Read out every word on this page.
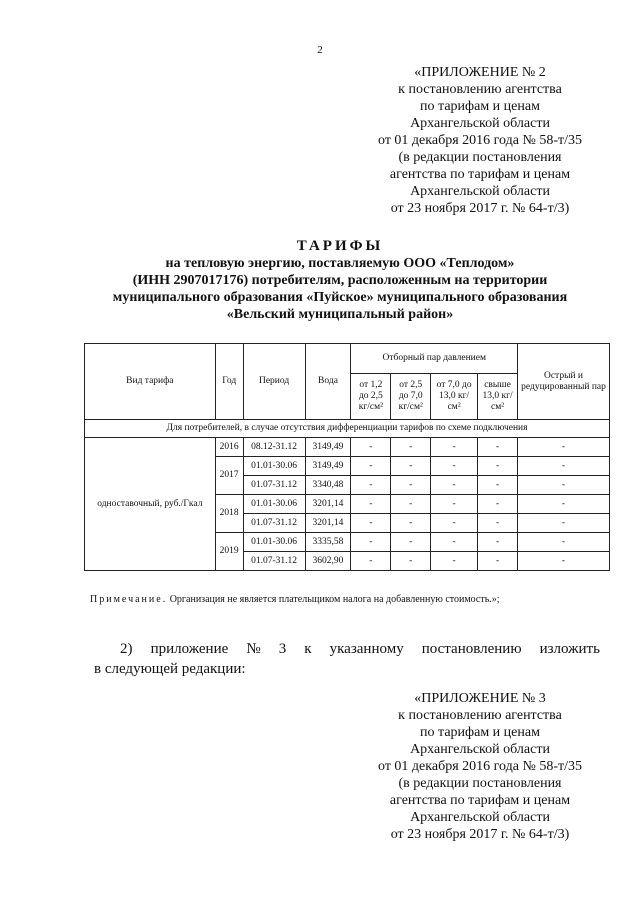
2
«ПРИЛОЖЕНИЕ № 2
к постановлению агентства
по тарифам и ценам
Архангельской области
от 01 декабря 2016 года № 58-т/35
(в редакции постановления
агентства по тарифам и ценам
Архангельской области
от 23 ноября 2017 г. № 64-т/3)
ТАРИФЫ
на тепловую энергию, поставляемую ООО «Теплодом»
(ИНН 2907017176) потребителям, расположенным на территории
муниципального образования «Пуйское» муниципального образования
«Вельский муниципальный район»
Вид тарифа	Год	Период	Вода	Отборный пар давлением				Острый и редуцированный пар
				от 1,2 до 2,5 кг/см²	от 2,5 до 7,0 кг/см²	от 7,0 до 13,0 кг/см²	свыше 13,0 кг/см²	
Для потребителей, в случае отсутствия дифференциации тарифов по схеме подключения								
одноставочный, руб./Гкал	2016	08.12-31.12	3149,49	-	-	-	-	-
	2017	01.01-30.06	3149,49	-	-	-	-	-
		01.07-31.12	3340,48	-	-	-	-	-
	2018	01.01-30.06	3201,14	-	-	-	-	-
		01.07-31.12	3201,14	-	-	-	-	-
	2019	01.01-30.06	3335,58	-	-	-	-	-
		01.07-31.12	3602,90	-	-	-	-	-
Примечание. Организация не является плательщиком налога на добавленную стоимость.»;
2) приложение № 3 к указанному постановлению изложить
в следующей редакции:
«ПРИЛОЖЕНИЕ № 3
к постановлению агентства
по тарифам и ценам
Архангельской области
от 01 декабря 2016 года № 58-т/35
(в редакции постановления
агентства по тарифам и ценам
Архангельской области
от 23 ноября 2017 г. № 64-т/3)
